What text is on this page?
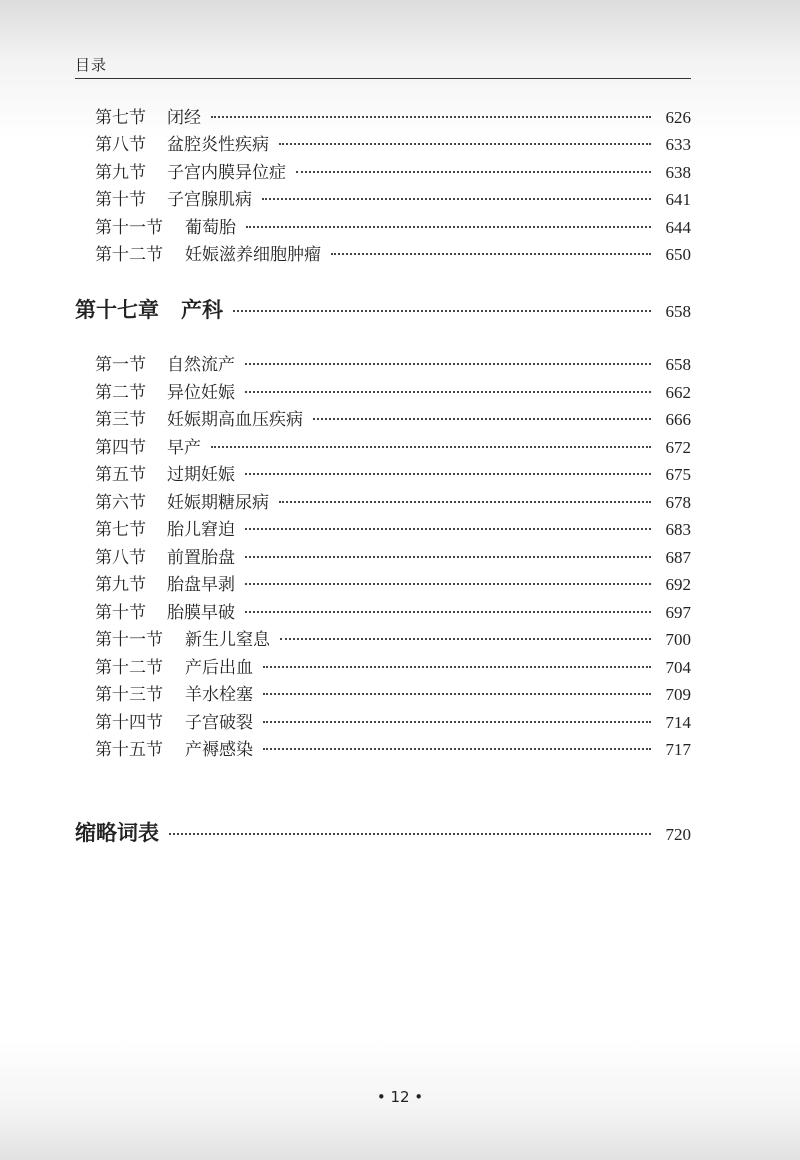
目录
第七节 闭经	626
第八节 盆腔炎性疾病	633
第九节 子宫内膜异位症	638
第十节 子宫腺肌病	641
第十一节 葡萄胎	644
第十二节 妊娠滋养细胞肿瘤	650
第十七章 产科	658
第一节 自然流产	658
第二节 异位妊娠	662
第三节 妊娠期高血压疾病	666
第四节 早产	672
第五节 过期妊娠	675
第六节 妊娠期糖尿病	678
第七节 胎儿窘迫	683
第八节 前置胎盘	687
第九节 胎盘早剥	692
第十节 胎膜早破	697
第十一节 新生儿窒息	700
第十二节 产后出血	704
第十三节 羊水栓塞	709
第十四节 子宫破裂	714
第十五节 产褥感染	717
缩略词表	720
• 12 •
